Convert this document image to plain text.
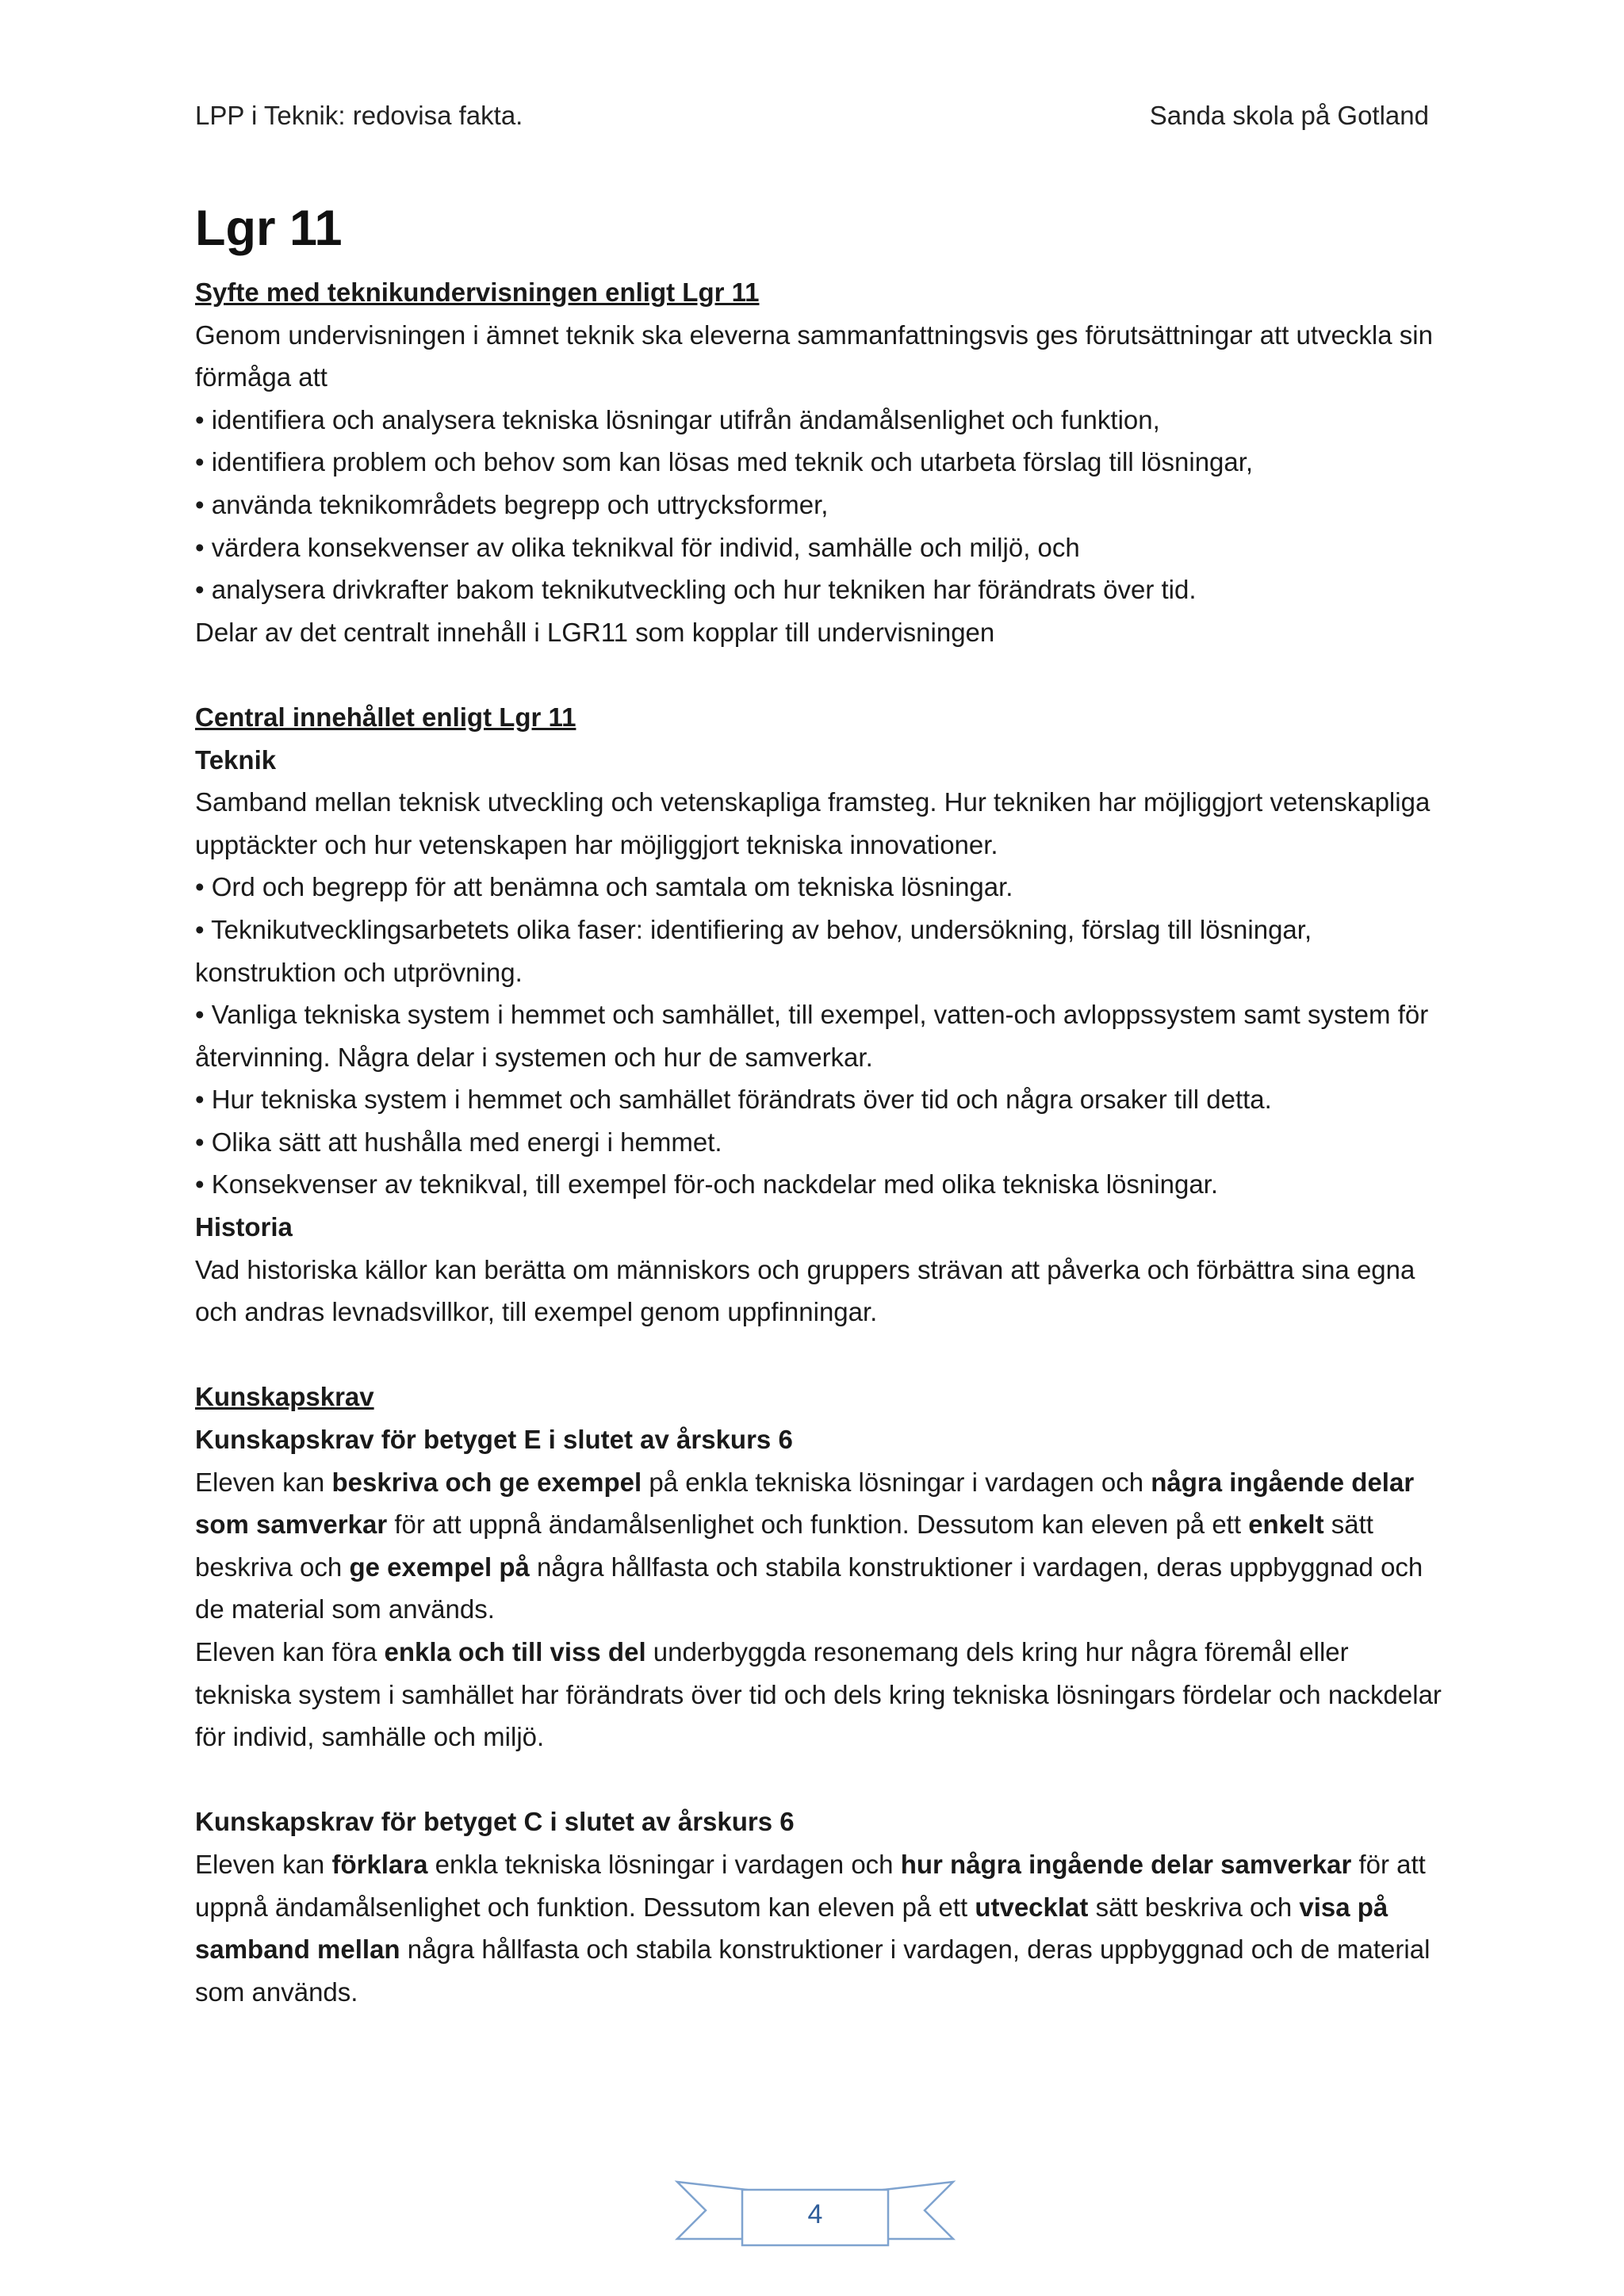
LPP i Teknik: redovisa fakta.	Sanda skola på Gotland
Lgr 11

Syfte med teknikundervisningen enligt Lgr 11

Genom undervisningen i ämnet teknik ska eleverna sammanfattningsvis ges förutsättningar att utveckla sin förmåga att

• identifiera och analysera tekniska lösningar utifrån ändamålsenlighet och funktion,

• identifiera problem och behov som kan lösas med teknik och utarbeta förslag till lösningar,

• använda teknikområdets begrepp och uttrycksformer,

• värdera konsekvenser av olika teknikval för individ, samhälle och miljö, och

• analysera drivkrafter bakom teknikutveckling och hur tekniken har förändrats över tid.

Delar av det centralt innehåll i LGR11 som kopplar till undervisningen

Central innehållet enligt Lgr 11

Teknik

Samband mellan teknisk utveckling och vetenskapliga framsteg. Hur tekniken har möjliggjort vetenskapliga upptäckter och hur vetenskapen har möjliggjort tekniska innovationer.

• Ord och begrepp för att benämna och samtala om tekniska lösningar.

• Teknikutvecklingsarbetets olika faser: identifiering av behov, undersökning, förslag till lösningar, konstruktion och utprövning.

• Vanliga tekniska system i hemmet och samhället, till exempel, vatten-och avloppssystem samt system för återvinning. Några delar i systemen och hur de samverkar.

• Hur tekniska system i hemmet och samhället förändrats över tid och några orsaker till detta.

• Olika sätt att hushålla med energi i hemmet.

• Konsekvenser av teknikval, till exempel för-och nackdelar med olika tekniska lösningar.

Historia

Vad historiska källor kan berätta om människors och gruppers strävan att påverka och förbättra sina egna och andras levnadsvillkor, till exempel genom uppfinningar.

Kunskapskrav

Kunskapskrav för betyget E i slutet av årskurs 6

Eleven kan beskriva och ge exempel på enkla tekniska lösningar i vardagen och några ingående delar som samverkar för att uppnå ändamålsenlighet och funktion. Dessutom kan eleven på ett enkelt sätt beskriva och ge exempel på några hållfasta och stabila konstruktioner i vardagen, deras uppbyggnad och de material som används.

Eleven kan föra enkla och till viss del underbyggda resonemang dels kring hur några föremål eller tekniska system i samhället har förändrats över tid och dels kring tekniska lösningars fördelar och nackdelar för individ, samhälle och miljö.

Kunskapskrav för betyget C i slutet av årskurs 6

Eleven kan förklara enkla tekniska lösningar i vardagen och hur några ingående delar samverkar för att uppnå ändamålsenlighet och funktion. Dessutom kan eleven på ett utvecklat sätt beskriva och visa på samband mellan några hållfasta och stabila konstruktioner i vardagen, deras uppbyggnad och de material som används.

4
